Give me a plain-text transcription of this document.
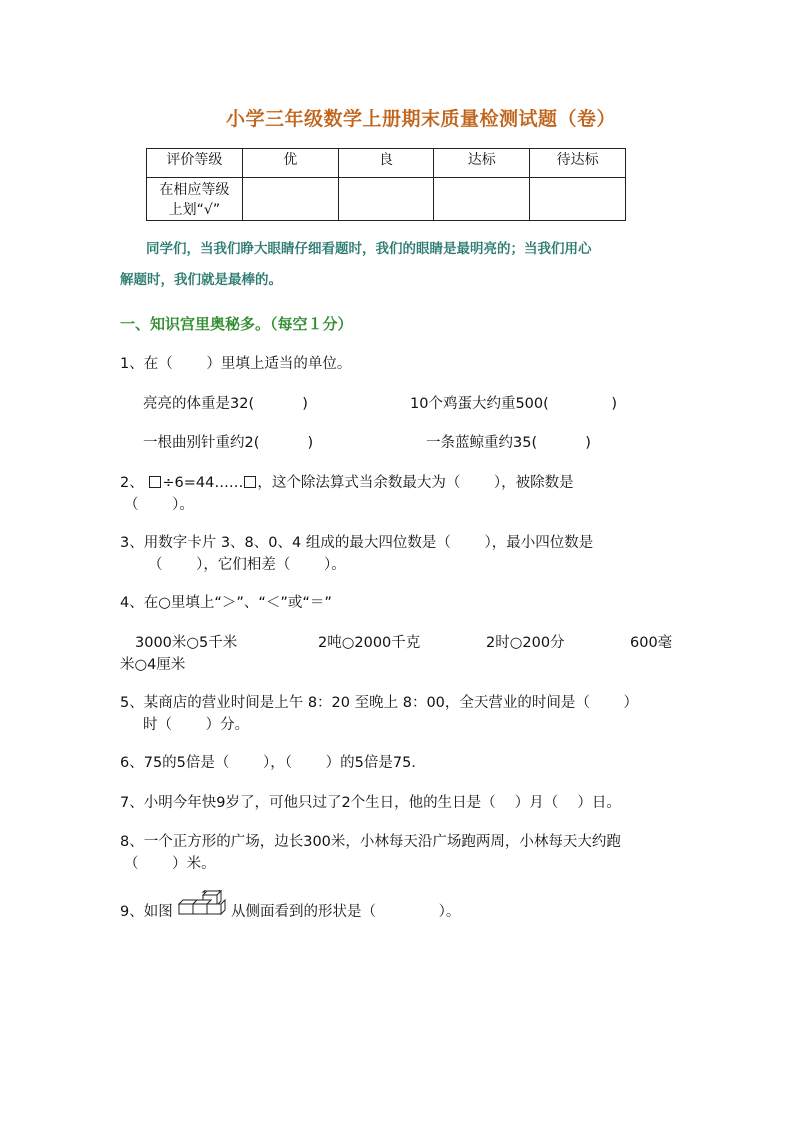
小学三年级数学上册期末质量检测试题（卷）
评价等级	优	良	达标	待达标

在相应等级
上划“√”				

同学们，当我们睁大眼睛仔细看题时，我们的眼睛是最明亮的；当我们用心
解题时，我们就是最棒的。
一、知识宫里奥秘多。（每空１分）
1、在（　　 ）里填上适当的单位。
亮亮的体重是32(　　　 )	10个鸡蛋大约重500(　　　　 )
一根曲别针重约2(　　　 )	一条蓝鲸重约35(　　　 )
2、 ÷6=44…… ，这个除法算式当余数最大为（　　 ），被除数是
（　　 ）。
3、用数字卡片 3、8、0、4 组成的最大四位数是（　　 ），最小四位数是
（　　 ），它们相差（　　 ）。
4、在○里填上“＞”、“＜”或“＝”
3000米○5千米	2吨○2000千克	2时○200分	600毫
米○4厘米
5、某商店的营业时间是上午 8：20 至晚上 8：00，全天营业的时间是（　　 ）
时（　　 ）分。
6、75的5倍是（　　 ），（　　 ）的5倍是75.
7、小明今年快9岁了，可他只过了2个生日，他的生日是（　 ）月（　 ）日。
8、一个正方形的广场，边长300米，小林每天沿广场跑两周，小林每天大约跑
（　　 ）米。
9、如图	从侧面看到的形状是（　　　　 ）。
